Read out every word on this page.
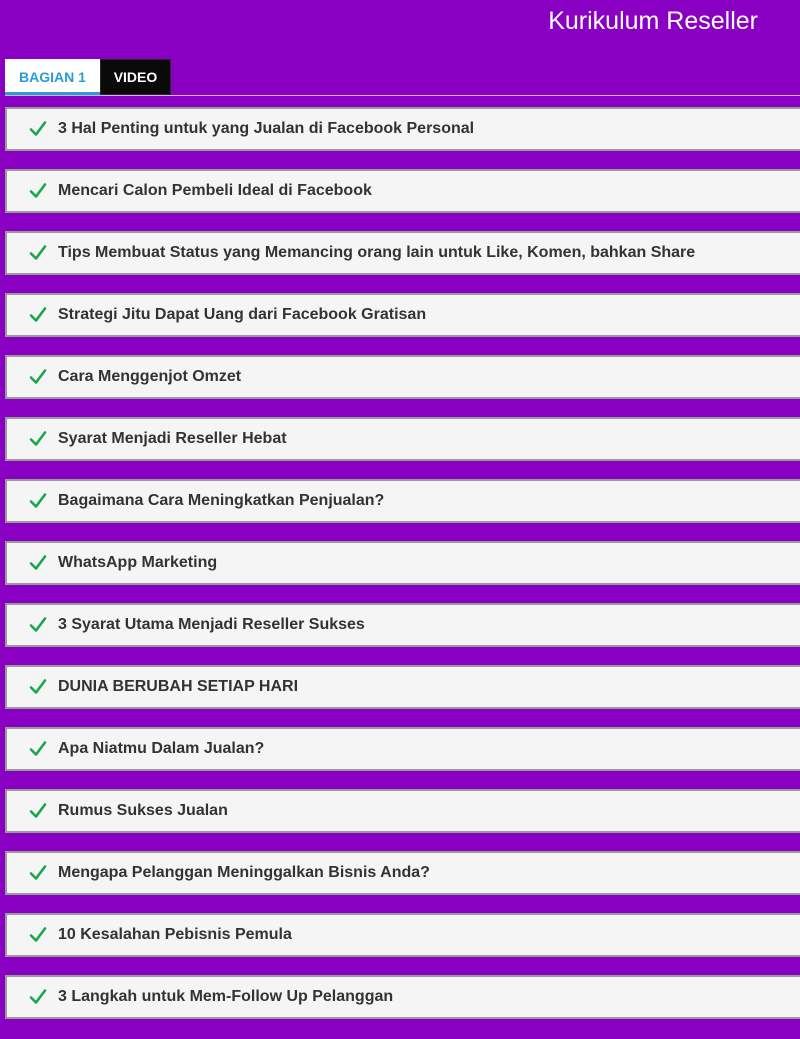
Kurikulum Reseller
BAGIAN 1	VIDEO
3 Hal Penting untuk yang Jualan di Facebook Personal
Mencari Calon Pembeli Ideal di Facebook
Tips Membuat Status yang Memancing orang lain untuk Like, Komen, bahkan Share
Strategi Jitu Dapat Uang dari Facebook Gratisan
Cara Menggenjot Omzet
Syarat Menjadi Reseller Hebat
Bagaimana Cara Meningkatkan Penjualan?
WhatsApp Marketing
3 Syarat Utama Menjadi Reseller Sukses
DUNIA BERUBAH SETIAP HARI
Apa Niatmu Dalam Jualan?
Rumus Sukses Jualan
Mengapa Pelanggan Meninggalkan Bisnis Anda?
10 Kesalahan Pebisnis Pemula
3 Langkah untuk Mem-Follow Up Pelanggan
